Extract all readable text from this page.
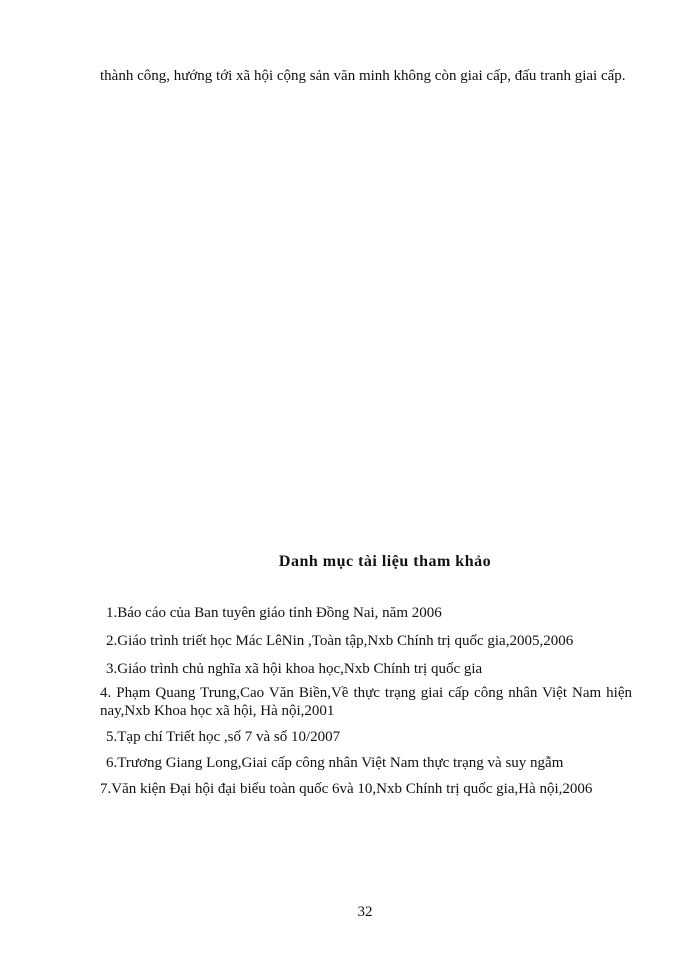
thành công, hướng tới xã hội cộng sản văn minh không còn giai cấp, đấu tranh giai cấp.

Danh mục tài liệu tham khảo

1.Báo cáo của Ban tuyên giáo tỉnh Đồng Nai, năm 2006

2.Giáo trình triết học Mác LêNin ,Toàn tập,Nxb Chính trị quốc gia,2005,2006

3.Giáo trình chủ nghĩa xã hội khoa học,Nxb Chính trị quốc gia

4. Phạm Quang Trung,Cao Văn Biền,Về thực trạng giai cấp công nhân Việt Nam hiện nay,Nxb Khoa học xã hội, Hà nội,2001

5.Tạp chí Triết học ,số 7 và số 10/2007

6.Trương Giang Long,Giai cấp công nhân Việt Nam thực trạng và suy ngẫm

7.Văn kiện Đại hội đại biểu toàn quốc 6và 10,Nxb Chính trị quốc gia,Hà nội,2006

32
